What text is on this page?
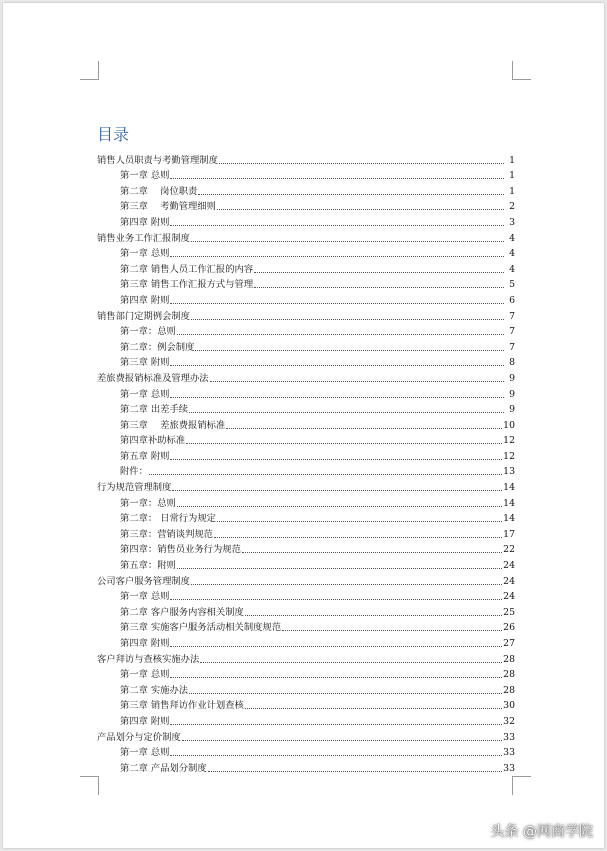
目录
销售人员职责与考勤管理制度	1
第一章 总则	1
第二章 　岗位职责	1
第三章 　考勤管理细则	2
第四章 附则	3
销售业务工作汇报制度	4
第一章 总则	4
第二章 销售人员工作汇报的内容	4
第三章 销售工作汇报方式与管理	5
第四章 附则	6
销售部门定期例会制度	7
第一章：总则	7
第二章：例会制度	7
第三章 附则	8
差旅费报销标准及管理办法	9
第一章 总则	9
第二章 出差手续	9
第三章 　差旅费报销标准	10
第四章补助标准	12
第五章 附则	12
附件：	13
行为规范管理制度	14
第一章：总则	14
第二章： 日常行为规定	14
第三章：营销谈判规范	17
第四章：销售员业务行为规范	22
第五章：附则	24
公司客户服务管理制度	24
第一章 总则	24
第二章 客户服务内容相关制度	25
第三章 实施客户服务活动相关制度规范	26
第四章 附则	27
客户拜访与查核实施办法	28
第一章 总则	28
第二章 实施办法	28
第三章 销售拜访作业计划查核	30
第四章 附则	32
产品划分与定价制度	33
第一章 总则	33
第二章 产品划分制度	33
头条 @网商学院
